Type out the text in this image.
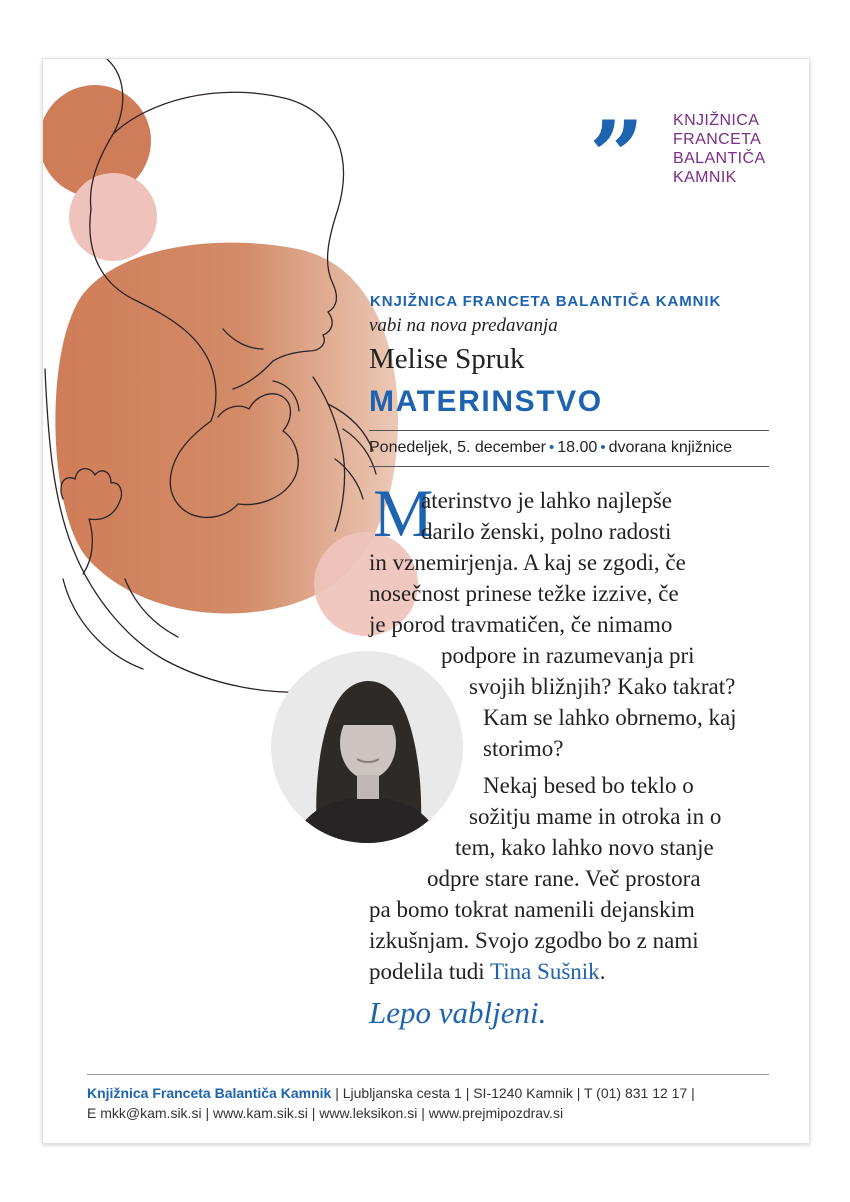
” KNJIŽNICA
FRANCETA
BALANTIČA
KAMNIK
KNJIŽNICA FRANCETA BALANTIČA KAMNIK
vabi na nova predavanja
Melise Spruk
MATERINSTVO
Ponedeljek, 5. december • 18.00 • dvorana knjižnice
M
aterinstvo je lahko najlepše
darilo ženski, polno radosti
in vznemirjenja. A kaj se zgodi, če
nosečnost prinese težke izzive, če
je porod travmatičen, če nimamo
podpore in razumevanja pri
svojih bližnjih? Kako takrat?
Kam se lahko obrnemo, kaj
storimo?
Nekaj besed bo teklo o
sožitju mame in otroka in o
tem, kako lahko novo stanje
odpre stare rane. Več prostora
pa bomo tokrat namenili dejanskim
izkušnjam. Svojo zgodbo bo z nami
podelila tudi Tina Sušnik.
Lepo vabljeni.
Knjižnica Franceta Balantiča Kamnik | Ljubljanska cesta 1 | SI-1240 Kamnik | T (01) 831 12 17 |
E mkk@kam.sik.si | www.kam.sik.si | www.leksikon.si | www.prejmipozdrav.si
